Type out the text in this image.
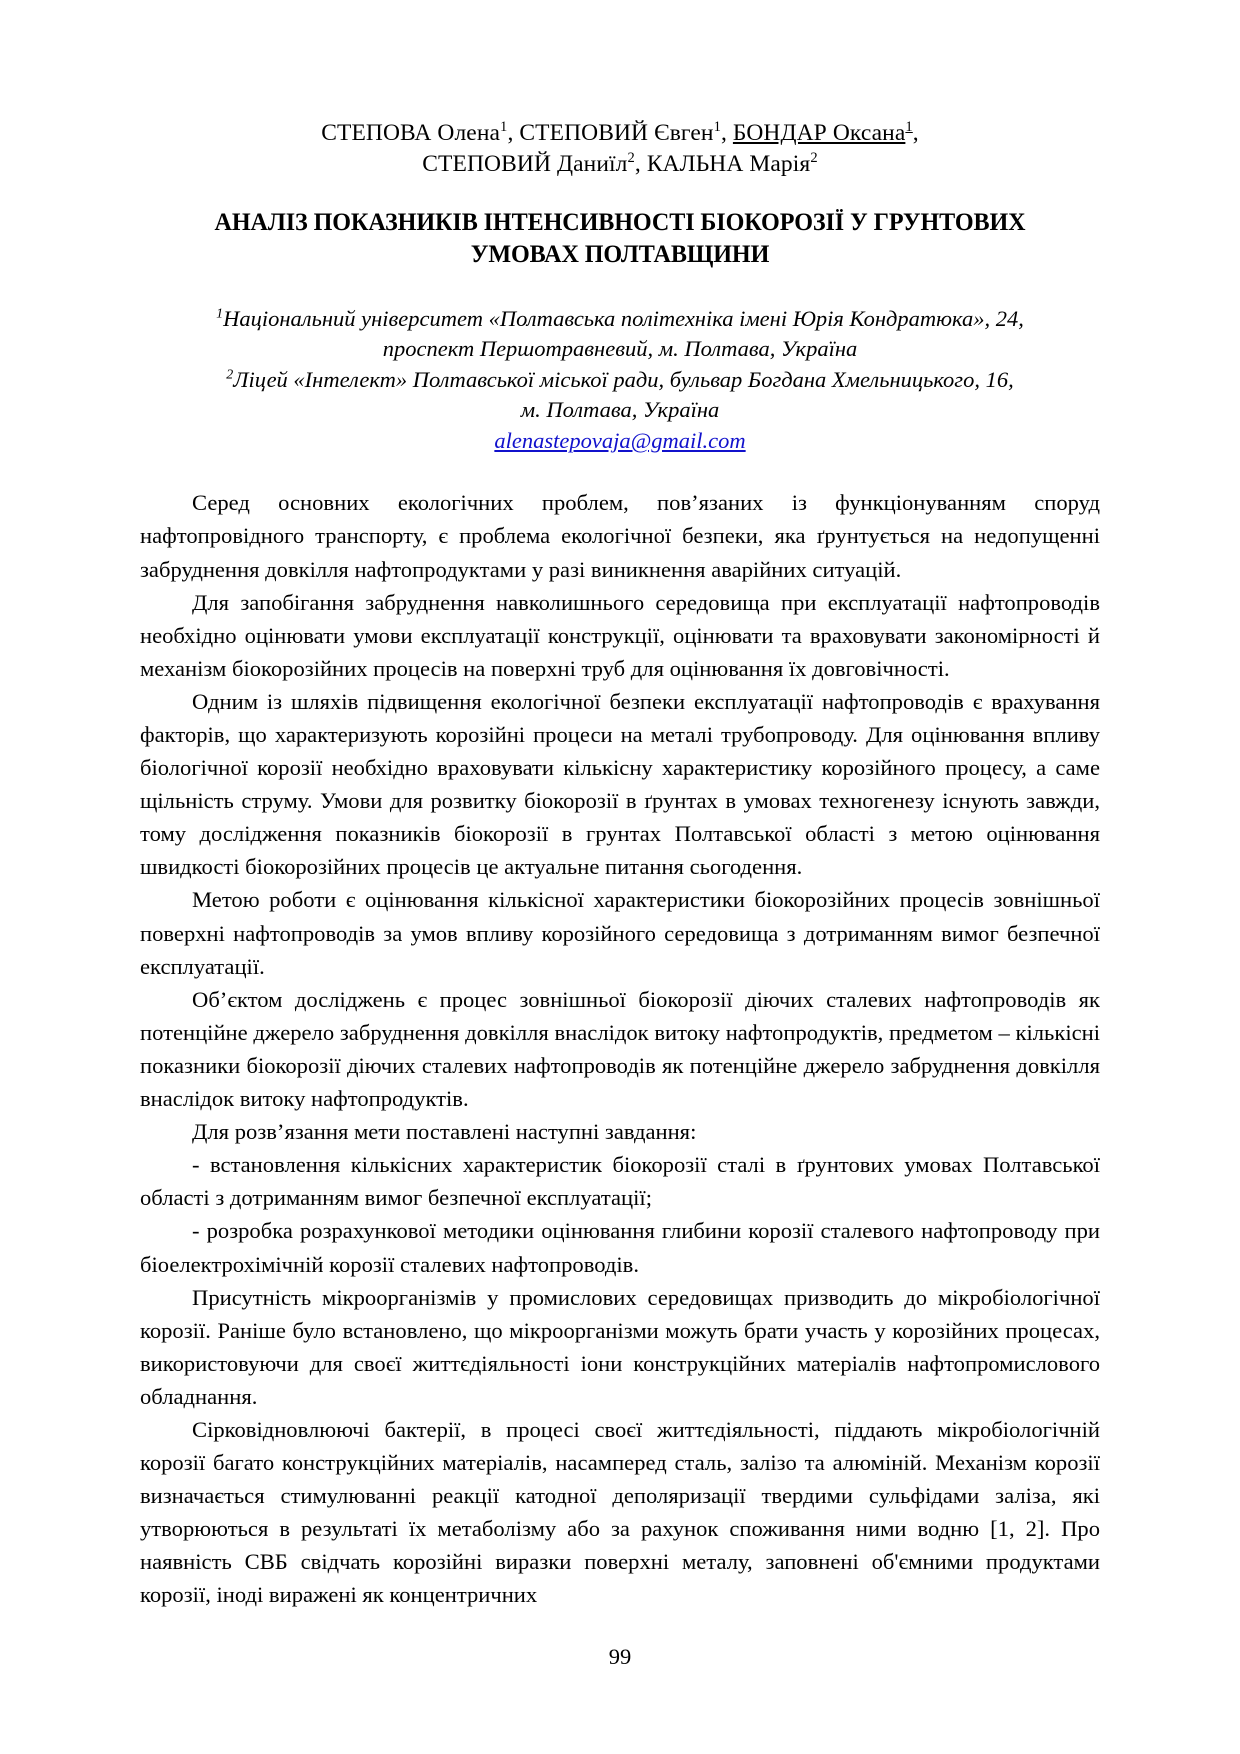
СТЕПОВА Олена$^1$, СТЕПОВИЙ Євген$^1$, БОНДАР Оксана$^1$,
СТЕПОВИЙ Даниїл$^2$, КАЛЬНА Марія$^2$
АНАЛІЗ ПОКАЗНИКІВ ІНТЕНСИВНОСТІ БІОКОРОЗІЇ У ГРУНТОВИХ
УМОВАХ ПОЛТАВЩИНИ
$^1$Національний університет «Полтавська політехніка імені Юрія Кондратюка», 24,
проспект Першотравневий, м. Полтава, Україна
$^2$Ліцей «Інтелект» Полтавської міської ради, бульвар Богдана Хмельницького, 16,
м. Полтава, Україна
alenastepovaja@gmail.com

Серед основних екологічних проблем, пов’язаних із функціонуванням споруд нафтопровідного транспорту, є проблема екологічної безпеки, яка ґрунтується на недопущенні забруднення довкілля нафтопродуктами у разі виникнення аварійних ситуацій.

Для запобігання забруднення навколишнього середовища при експлуатації нафтопроводів необхідно оцінювати умови експлуатації конструкції, оцінювати та враховувати закономірності й механізм біокорозійних процесів на поверхні труб для оцінювання їх довговічності.

Одним із шляхів підвищення екологічної безпеки експлуатації нафтопроводів є врахування факторів, що характеризують корозійні процеси на металі трубопроводу. Для оцінювання впливу біологічної корозії необхідно враховувати кількісну характеристику корозійного процесу, а саме щільність струму. Умови для розвитку біокорозії в ґрунтах в умовах техногенезу існують завжди, тому дослідження показників біокорозії в грунтах Полтавської області з метою оцінювання швидкості біокорозійних процесів це актуальне питання сьогодення.

Метою роботи є оцінювання кількісної характеристики біокорозійних процесів зовнішньої поверхні нафтопроводів за умов впливу корозійного середовища з дотриманням вимог безпечної експлуатації.

Об’єктом досліджень є процес зовнішньої біокорозії діючих сталевих нафтопроводів як потенційне джерело забруднення довкілля внаслідок витоку нафтопродуктів, предметом – кількісні показники біокорозії діючих сталевих нафтопроводів як потенційне джерело забруднення довкілля внаслідок витоку нафтопродуктів.

Для розв’язання мети поставлені наступні завдання:

- встановлення кількісних характеристик біокорозії сталі в ґрунтових умовах Полтавської області з дотриманням вимог безпечної експлуатації;

- розробка розрахункової методики оцінювання глибини корозії сталевого нафтопроводу при біоелектрохімічній корозії сталевих нафтопроводів.

Присутність мікроорганізмів у промислових середовищах призводить до мікробіологічної корозії. Раніше було встановлено, що мікроорганізми можуть брати участь у корозійних процесах, використовуючи для своєї життєдіяльності іони конструкційних матеріалів нафтопромислового обладнання.

Сірковідновлюючі бактерії, в процесі своєї життєдіяльності, піддають мікробіологічній корозії багато конструкційних матеріалів, насамперед сталь, залізо та алюміній. Механізм корозії визначається стимулюванні реакції катодної деполяризації твердими сульфідами заліза, які утворюються в результаті їх метаболізму або за рахунок споживання ними водню [1, 2]. Про наявність СВБ свідчать корозійні виразки поверхні металу, заповнені об'ємними продуктами корозії, іноді виражені як концентричних

99
